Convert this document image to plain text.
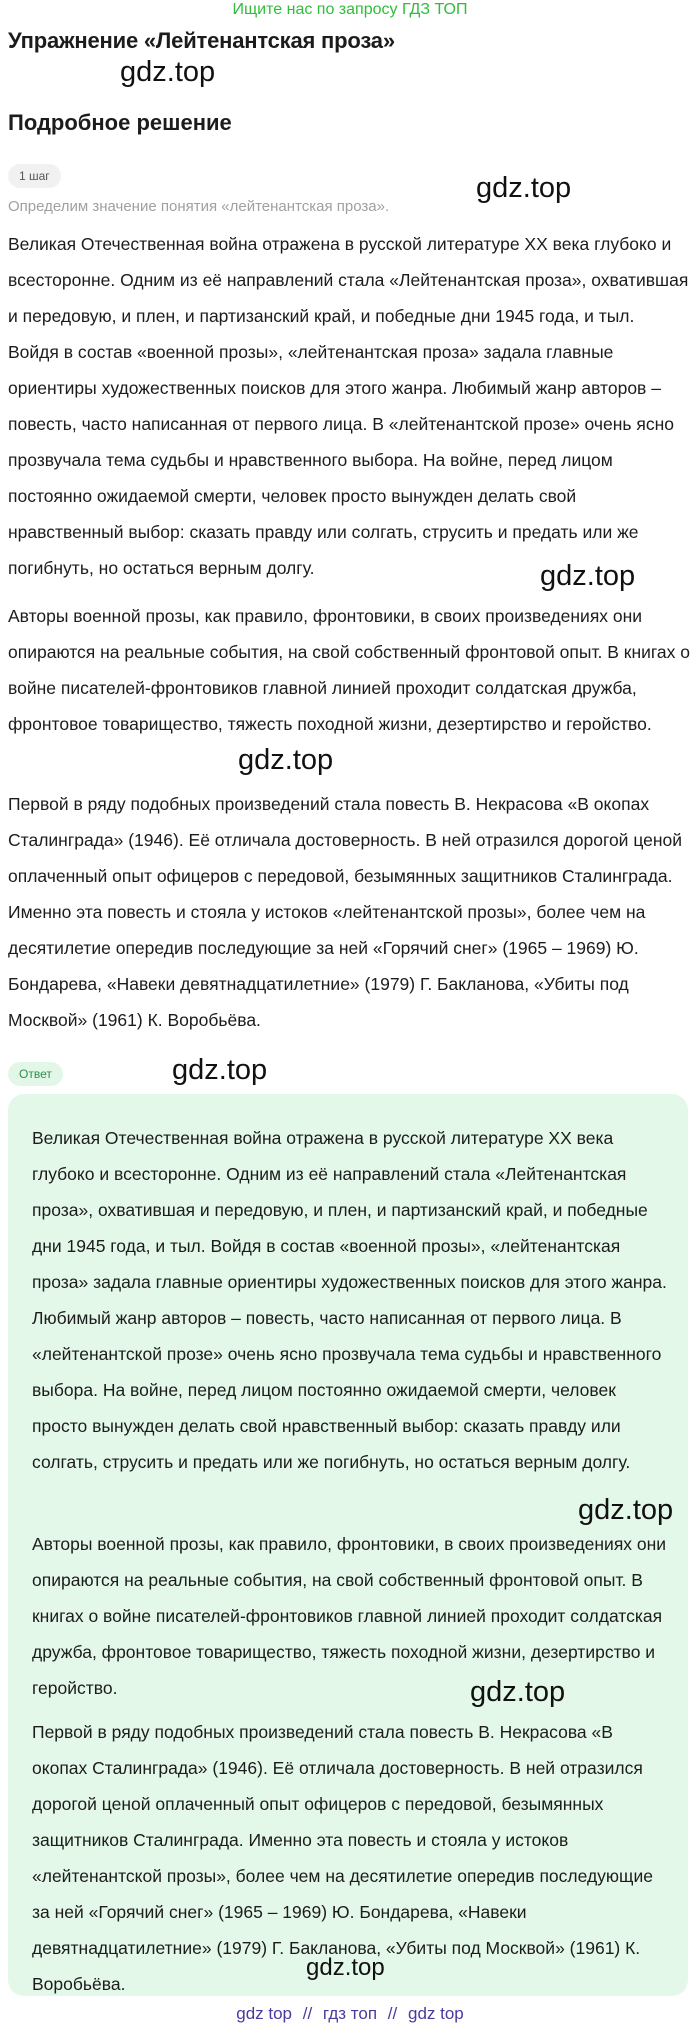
Ищите нас по запросу ГДЗ ТОП
Упражнение «Лейтенантская проза»
gdz.top
Подробное решение
1 шаг	gdz.top
Определим значение понятия «лейтенантская проза».

Великая Отечественная война отражена в русской литературе XX века глубоко и всесторонне. Одним из её направлений стала «Лейтенантская проза», охватившая и передовую, и плен, и партизанский край, и победные дни 1945 года, и тыл. Войдя в состав «военной прозы», «лейтенантская проза» задала главные ориентиры художественных поисков для этого жанра. Любимый жанр авторов – повесть, часто написанная от первого лица. В «лейтенантской прозе» очень ясно прозвучала тема судьбы и нравственного выбора. На войне, перед лицом постоянно ожидаемой смерти, человек просто вынужден делать свой нравственный выбор: сказать правду или солгать, струсить и предать или же погибнуть, но остаться верным долгу.	gdz.top

Авторы военной прозы, как правило, фронтовики, в своих произведениях они опираются на реальные события, на свой собственный фронтовой опыт. В книгах о войне писателей-фронтовиков главной линией проходит солдатская дружба, фронтовое товарищество, тяжесть походной жизни, дезертирство и геройство.

gdz.top

Первой в ряду подобных произведений стала повесть В. Некрасова «В окопах Сталинграда» (1946). Её отличала достоверность. В ней отразился дорогой ценой оплаченный опыт офицеров с передовой, безымянных защитников Сталинграда. Именно эта повесть и стояла у истоков «лейтенантской прозы», более чем на десятилетие опередив последующие за ней «Горячий снег» (1965 – 1969) Ю. Бондарева, «Навеки девятнадцатилетние» (1979) Г. Бакланова, «Убиты под Москвой» (1961) К. Воробьёва.

Ответ	gdz.top

Великая Отечественная война отражена в русской литературе XX века глубоко и всесторонне. Одним из её направлений стала «Лейтенантская проза», охватившая и передовую, и плен, и партизанский край, и победные дни 1945 года, и тыл. Войдя в состав «военной прозы», «лейтенантская проза» задала главные ориентиры художественных поисков для этого жанра. Любимый жанр авторов – повесть, часто написанная от первого лица. В «лейтенантской прозе» очень ясно прозвучала тема судьбы и нравственного выбора. На войне, перед лицом постоянно ожидаемой смерти, человек просто вынужден делать свой нравственный выбор: сказать правду или солгать, струсить и предать или же погибнуть, но остаться верным долгу.

gdz.top

Авторы военной прозы, как правило, фронтовики, в своих произведениях они опираются на реальные события, на свой собственный фронтовой опыт. В книгах о войне писателей-фронтовиков главной линией проходит солдатская дружба, фронтовое товарищество, тяжесть походной жизни, дезертирство и геройство.	gdz.top

Первой в ряду подобных произведений стала повесть В. Некрасова «В окопах Сталинграда» (1946). Её отличала достоверность. В ней отразился дорогой ценой оплаченный опыт офицеров с передовой, безымянных защитников Сталинграда. Именно эта повесть и стояла у истоков «лейтенантской прозы», более чем на десятилетие опередив последующие за ней «Горячий снег» (1965 – 1969) Ю. Бондарева, «Навеки девятнадцатилетние» (1979) Г. Бакланова, «Убиты под Москвой» (1961) К. Воробьёва.

gdz.top
gdz top // гдз топ // gdz top
